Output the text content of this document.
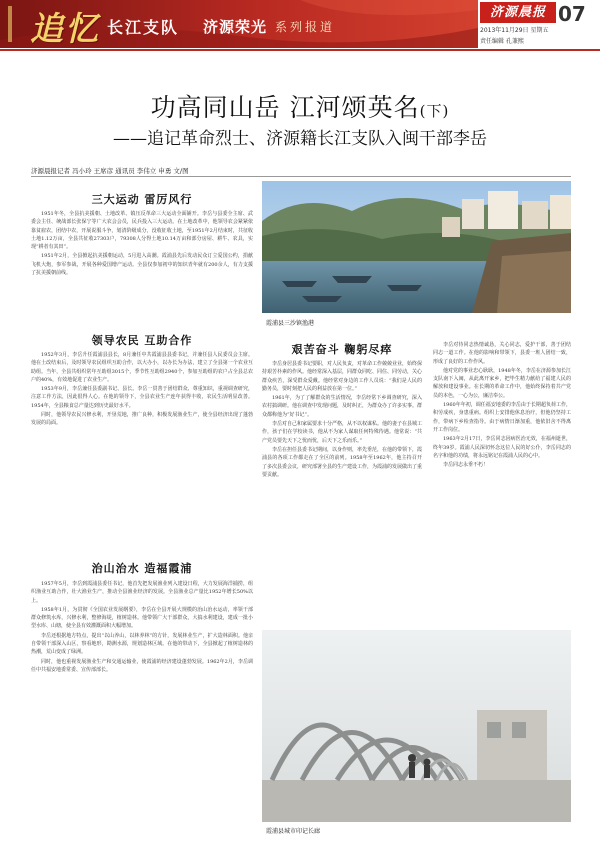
追忆 长江支队 济源荣光 系列报道
济源晨报 07
2013年11月29日 星期五
责任编辑 孔兼熙
功高同山岳 江河颂英名(下)
——追记革命烈士、济源籍长江支队入闽干部李岳
济源晨报记者 冯小玲 王席彦 通讯员 李伟立 申勇 文/图
三大运动 雷厉风行

1951年冬，全县抗美援朝、土地改革、镇压反革命三大运动全面铺开。李岳与县委全主席、武委会主任、统战部长张保宁等广大农会会员，民兵投入三大运动。在土地改革中，他领导农会紧紧依靠贫雇农，团结中农，开展说服斗争，划清阶级成分，没收征收土地，至1951年2月结束时，共征收土地1.12万亩，全县共征收27303户，79308人分得土地10.14万亩和部分房屋、耕牛、农具，实现“耕者有其田”。

1951年2月，全县掀起抗美援朝运动，5月进入高潮。霞浦县先后发动民众订立爱国公约，捐献飞机大炮，参军参战，开展各种爱国增产运动。全县仅参加初中的知识青年就有200余人，有力支援了抗美援朝前线。

领导农民 互助合作

1952年3月，李岳升任霞浦县县长，8月兼任中共霞浦县县委书记，并兼任县人民委员会主席。他在土改结束后，及时领导农民组织互助合作，以大办小，以办长为办法，建立了全县第一个农业互助组。当年，全县共组织常年互助组3015个，季节性互助组2940个，参加互助组的农户占全县总农户的40%，有效地促进了农业生产。

1953年9月，李岳兼任县委副书记、县长。李岳一贯善于团结群众、尊重知识，重视调查研究，注意工作方法，因此很得人心。在他的领导下，全县农业生产连年获得丰收，农民生活明显改善。1954年，全县粮食总产量达到历史最好水平。

同时，他领导农民兴修水利，开垦荒地，推广良种，积极发展渔业生产，使全县经济出现了蓬勃发展的局面。

治山治水 造福霞浦

1957年5月，李岳到霞浦县委任书记，他首先把发展渔业列入建设日程，大力发展海洋捕捞，组织渔业互助合作，壮大渔业生产，推动全县渔业经济的发展。全县渔业总产量比1952年增长50%以上。

1958年1月，为贯彻《全国农业发展纲要》，李岳在全县开展大规模的治山治水运动，率领干部群众修筑水库，兴修水利，整修海堤，植树造林。他带领广大干部群众，大搞水利建设，建成一批小型水库、山塘，使全县有效灌溉面积大幅增加。

李岳还根据地方特点，提出“以山养山，以林养林”的方针，发展林业生产，扩大造林面积。他亲自带领干部深入山区，察看地形，勘测水源，规划造林区域。在他的带动下，全县掀起了植树造林的热潮，荒山变成了绿洲。

同时，他也重视发展渔业生产和交通运输业，使霞浦的经济建设蓬勃发展。1962年2月，李岳调任中共福安地委常委、宣传部部长。

霞浦县三沙镇渔港
艰苦奋斗 鞠躬尽瘁

李岳身居县委书记要职，对人民负责，对革命工作兢兢业业，始终保持艰苦朴素的作风。他经常深入基层，同群众同吃、同住、同劳动，关心群众疾苦，深受群众爱戴。他经常对身边的工作人员说：“我们是人民的勤务员，要时刻把人民的利益放在第一位。”

1961年，为了了解群众的生活情况，李岳经常下乡调查研究，深入农村搞调研。他在调查中发现问题，及时纠正，为群众办了许多实事。群众都称他为“好书记”。

李岳对自己和家属要求十分严格，从不以权谋私。他的妻子在县城工作，孩子们在学校读书，他从不为家人谋取任何特殊待遇。他常说：“共产党员要先天下之忧而忧，后天下之乐而乐。”

李岳在担任县委书记期间，以身作则，率先垂范，在他的带领下，霞浦县的各项工作都走在了全区的前列。1958年至1962年，他主持召开了多次县委会议，研究部署全县的生产建设工作，为霞浦的发展做出了重要贡献。

李岳对待同志热情诚恳，关心同志，爱护干部，善于团结同志一道工作。在他的影响和带领下，县委一班人团结一致，形成了良好的工作作风。

他对党的事业忠心耿耿，1948年冬，李岳在济源参加长江支队南下入闽，从此离开家乡，把毕生精力献给了福建人民的解放和建设事业。在长期的革命工作中，他始终保持着共产党员的本色，一心为公，廉洁奉公。

1960年年初，调任福安地委的李岳由于长期超负荷工作，积劳成疾，身患重病。组织上安排他休息治疗，但他仍坚持工作，带病下乡检查指导。由于病情日渐加重，他依旧舍不得离开工作岗位。

1963年2月17日，李岳同志因病医治无效，在福州逝世，终年39岁。霞浦人民深切怀念这位人民的好公仆，李岳同志的名字和他的功绩，将永远铭记在霞浦人民的心中。

李岳同志永垂不朽！

霞浦县城市印记长廊
